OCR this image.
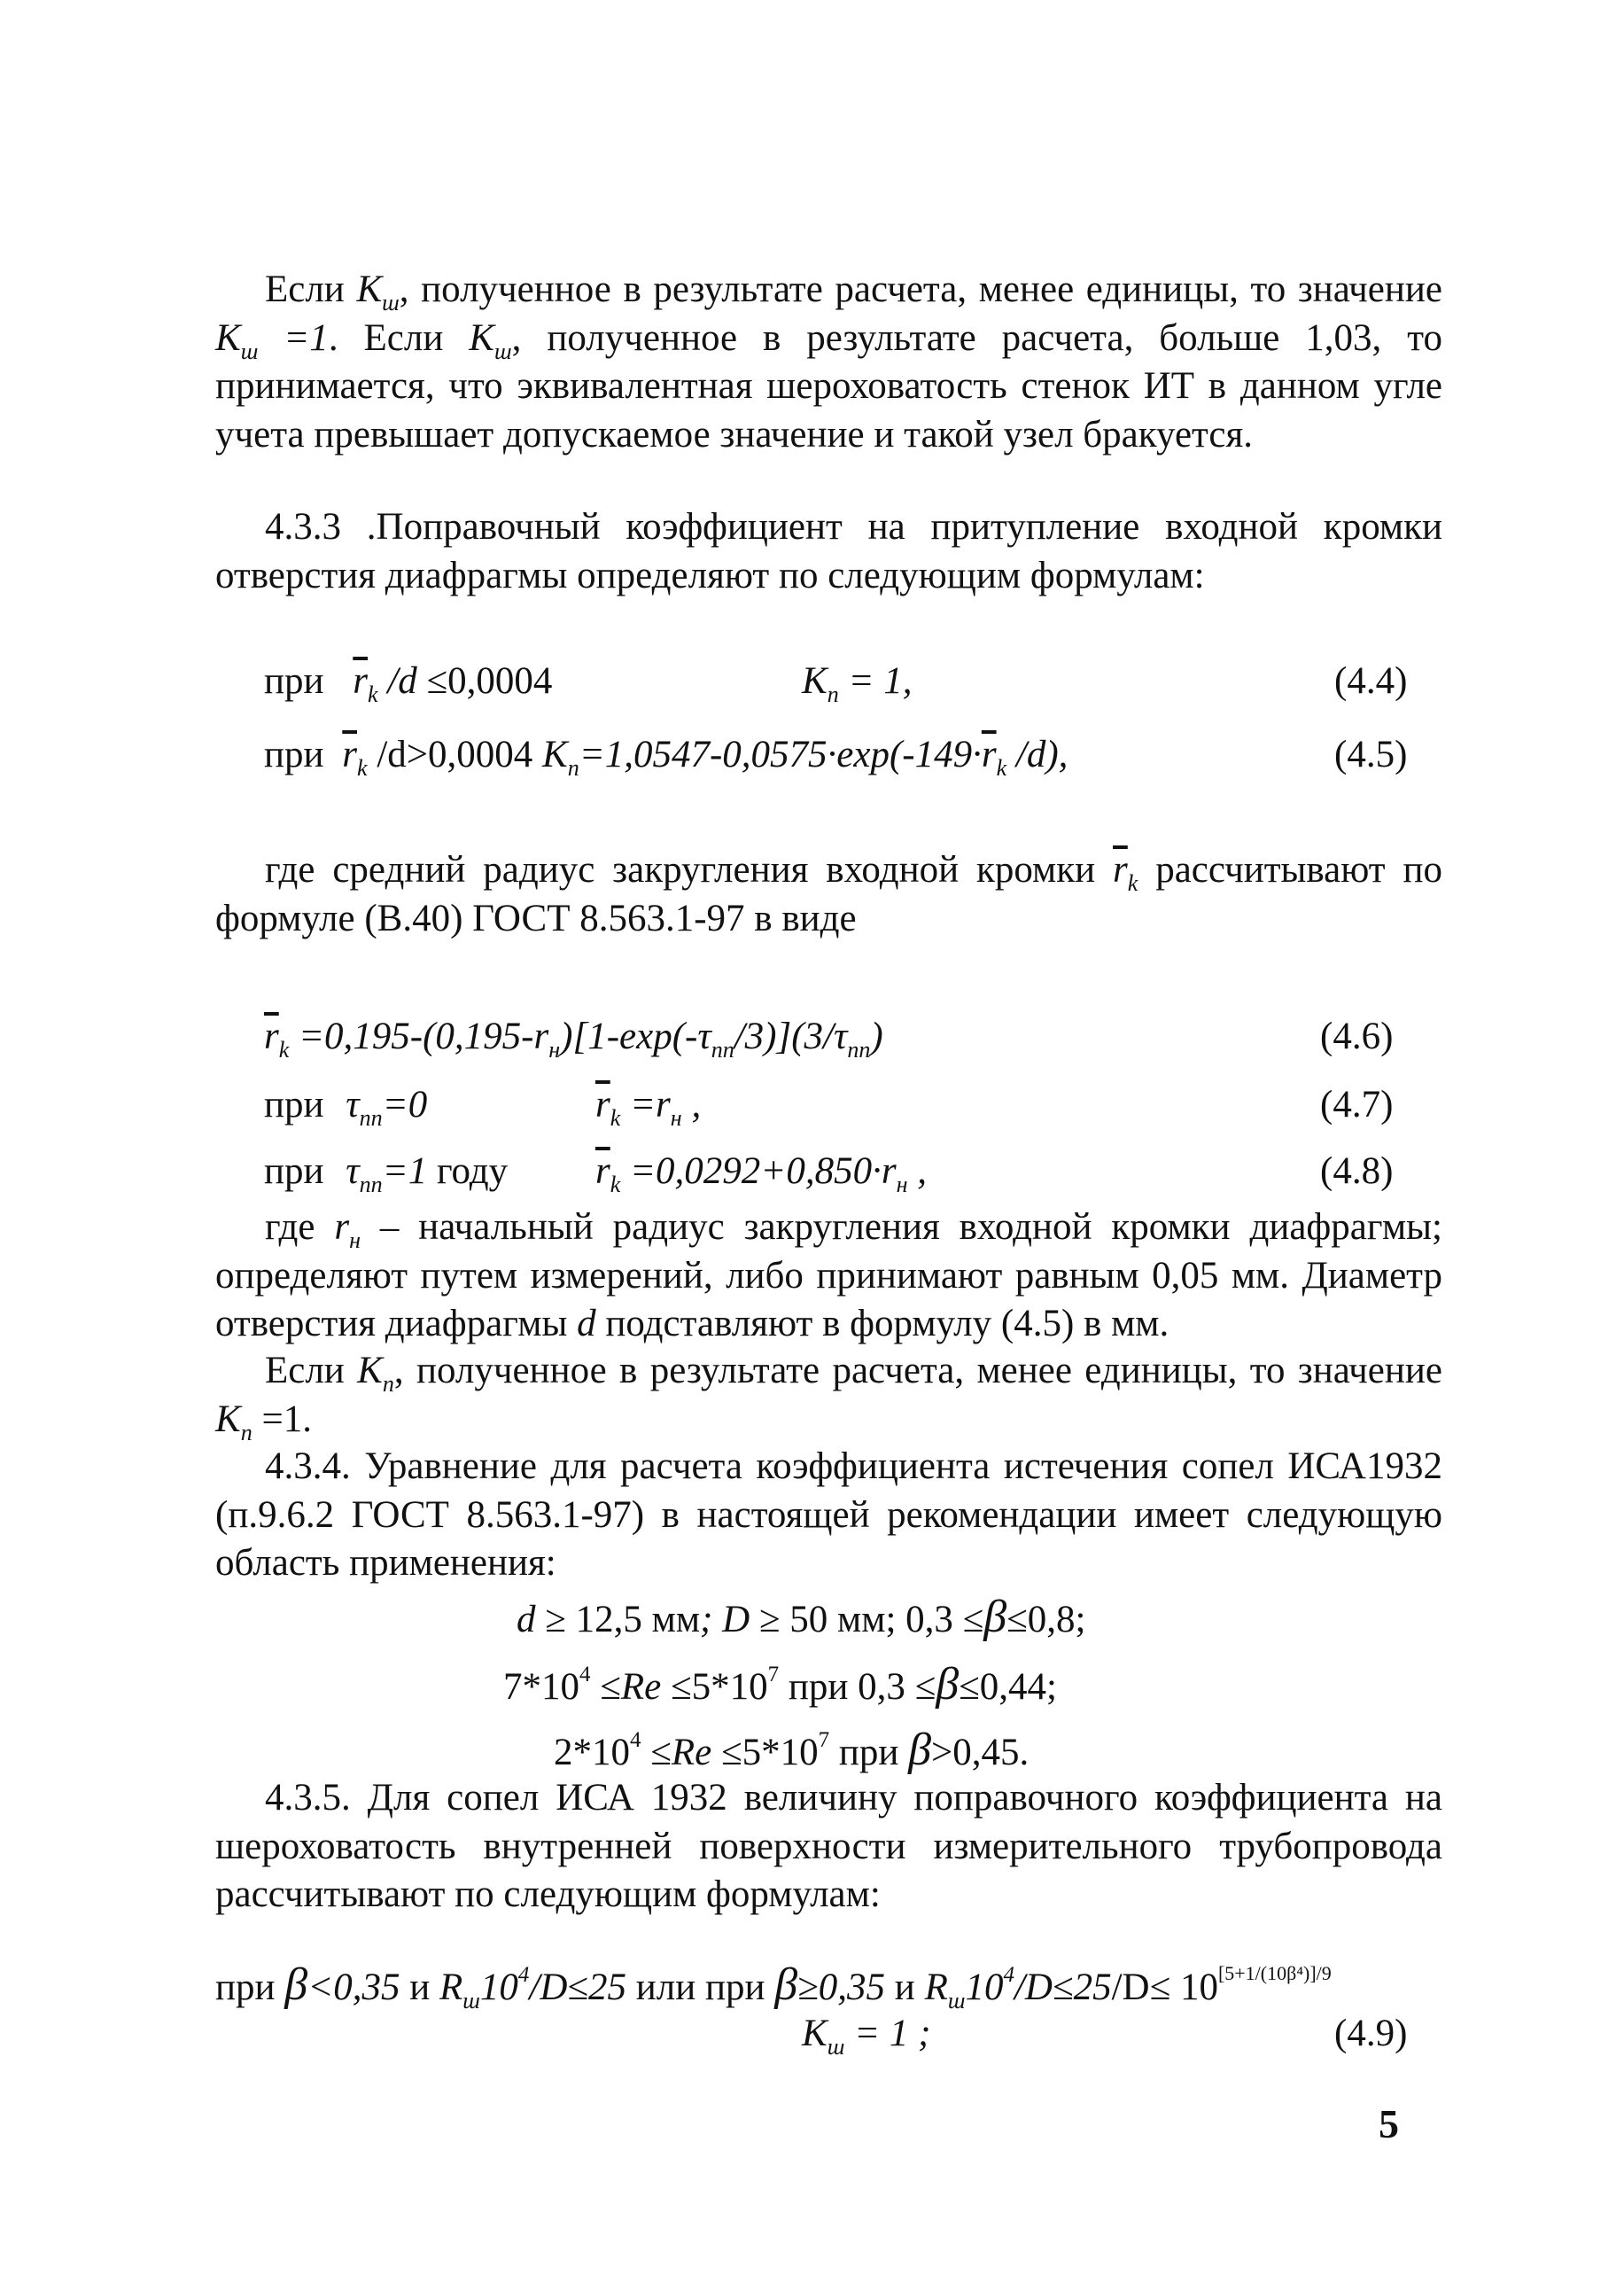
Если $K_ш$, полученное в результате расчета, менее единицы, то значение $K_ш =1$. Если $K_ш$, полученное в результате расчета, больше 1,03, то принимается, что эквивалентная шероховатость стенок ИТ в данном угле учета превышает допускаемое значение и такой узел бракуется.

4.3.3 .Поправочный коэффициент на притупление входной кромки отверстия диафрагмы определяют по следующим формулам:

при $\overline{r}_k$ /d ≤0,0004	$K_n = 1$,	(4.4)
при $\overline{r}_k$ /d>0,0004 $K_n=1,0547-0,0575\cdot\exp(-149\cdot\overline{r}_k$ /d),	(4.5)

где средний радиус закругления входной кромки $\overline{r}_k$ рассчитывают по формуле (В.40) ГОСТ 8.563.1-97 в виде

$\overline{r}_k =0,195-(0,195-r_н)[1-\exp(-\tau_{пп}/3)](3/\tau_{пп})$	(4.6)
при $\tau_{пп}=0$	$\overline{r}_k =r_н$ ,	(4.7)
при $\tau_{пп}=1$ году $\overline{r}_k =0,0292+0,850\cdot r_н$ ,	(4.8)

где $r_н$ – начальный радиус закругления входной кромки диафрагмы; определяют путем измерений, либо принимают равным 0,05 мм. Диаметр отверстия диафрагмы d подставляют в формулу (4.5) в мм.

Если $K_n$, полученное в результате расчета, менее единицы, то значение $K_n =1$.

4.3.4. Уравнение для расчета коэффициента истечения сопел ИСА1932 (п.9.6.2 ГОСТ 8.563.1-97) в настоящей рекомендации имеет следующую область применения:

d ≥ 12,5 мм; D ≥ 50 мм; 0,3 ≤β≤0,8;
$7*10^4 \le Re \le 5*10^7$ при 0,3 ≤β≤0,44;
$2*10^4 \le Re \le 5*10^7$ при β>0,45.

4.3.5. Для сопел ИСА 1932 величину поправочного коэффициента на шероховатость внутренней поверхности измерительного трубопровода рассчитывают по следующим формулам:

при β<0,35 и $R_ш10^4/D\le 25$ или при β≥0,35 и $R_ш10^4/D\le 25/D\le 10^{[5+1/(10\beta^4)]/9}$
$K_ш = 1$ ;	(4.9)
5
